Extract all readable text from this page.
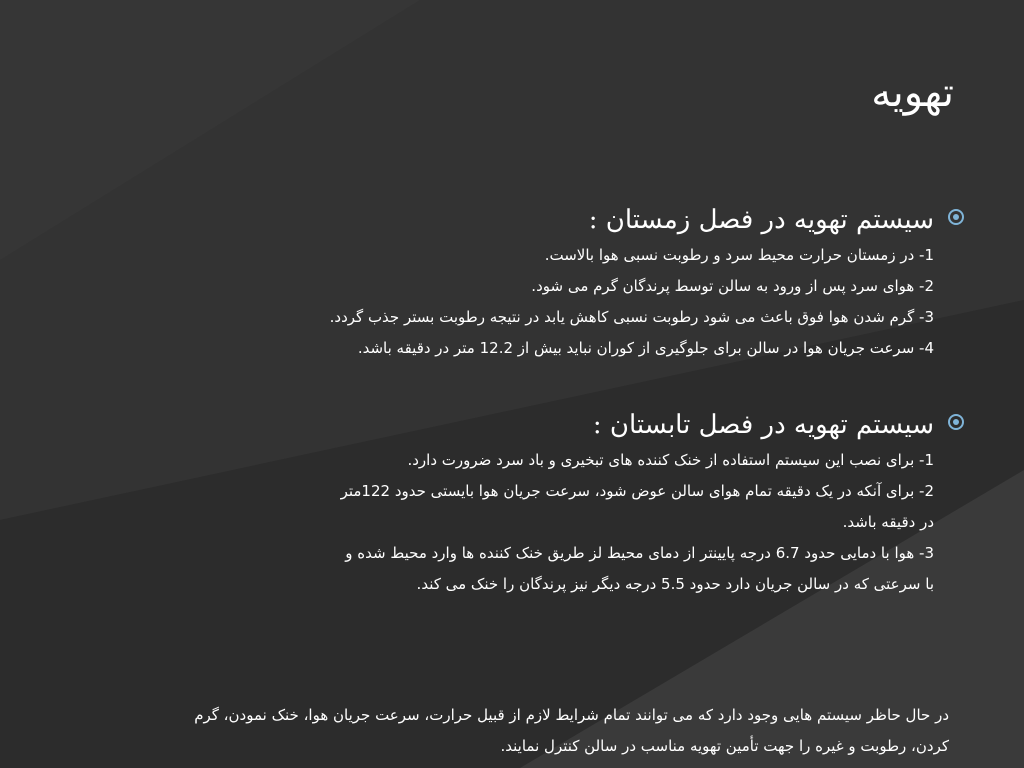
تهویه
سیستم تهویه در فصل زمستان :
1- در زمستان حرارت محیط سرد و رطوبت نسبی هوا بالاست.
2- هوای سرد پس از ورود به سالن توسط پرندگان گرم می شود.
3- گرم شدن هوا فوق باعث می شود رطوبت نسبی کاهش یابد در نتیجه رطوبت بستر جذب گردد.
4- سرعت جریان هوا در سالن برای جلوگیری از کوران نباید بیش از 12.2 متر در دقیقه باشد.
سیستم تهویه در فصل تابستان :
1- برای نصب این سیستم استفاده از خنک کننده های تبخیری و باد سرد ضرورت دارد.
2- برای آنکه در یک دقیقه تمام هوای سالن عوض شود، سرعت جریان هوا بایستی حدود 122متر
در دقیقه باشد.
3- هوا با دمایی حدود 6.7 درجه پایینتر از دمای محیط لز طریق خنک کننده ها وارد محیط شده و
با سرعتی که در سالن جریان دارد حدود 5.5 درجه دیگر نیز پرندگان را خنک می کند.
در حال حاظر سیستم هایی وجود دارد که می توانند تمام شرایط لازم از قبیل حرارت، سرعت جریان هوا، خنک نمودن، گرم
کردن، رطوبت و غیره را جهت تأمین تهویه مناسب در سالن کنترل نمایند.
